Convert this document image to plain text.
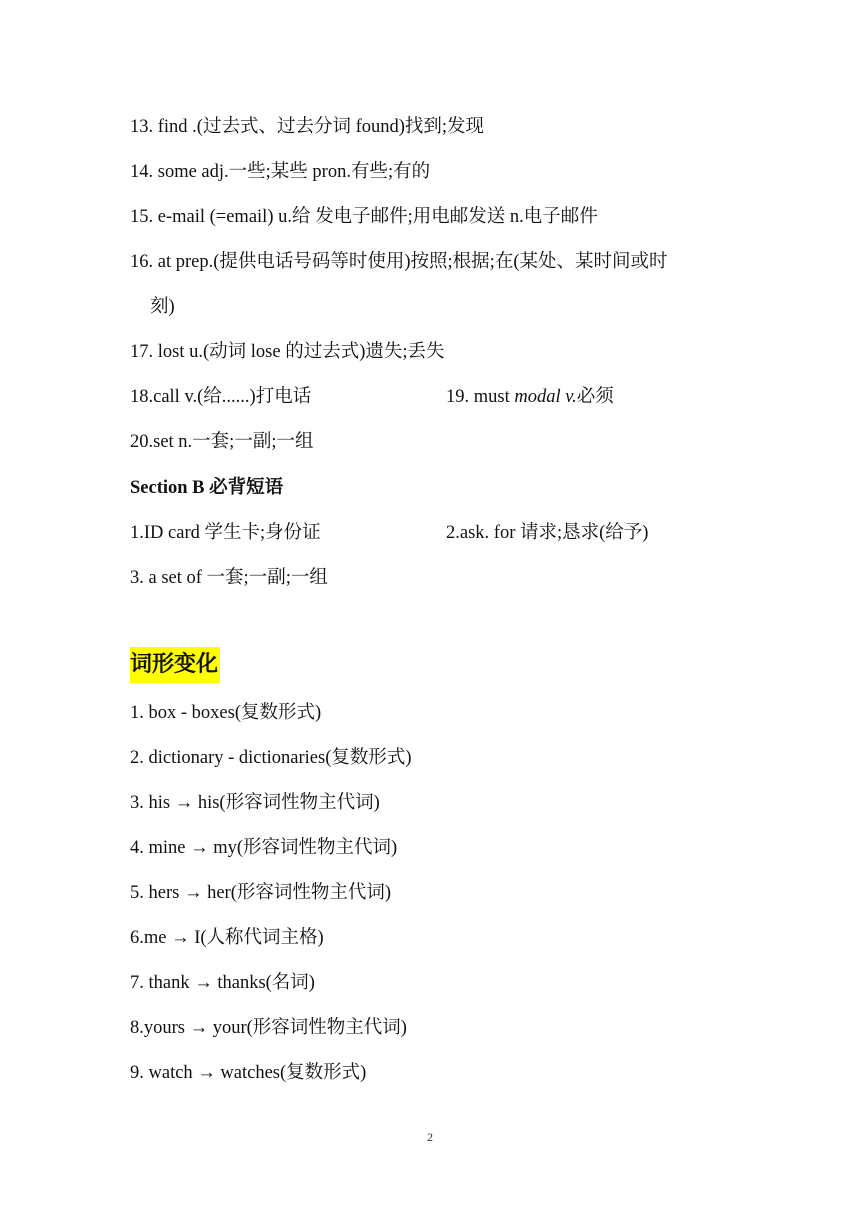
13. find .(过去式、过去分词 found)找到;发现
14. some adj.一些;某些 pron.有些;有的
15. e-mail (=email) u.给 发电子邮件;用电邮发送 n.电子邮件
16. at prep.(提供电话号码等时使用)按照;根据;在(某处、某时间或时
刻)
17. lost u.(动词 lose 的过去式)遗失;丢失
18.call v.(给......)打电话	19. must modal v.必须
20.set n.一套;一副;一组
Section B 必背短语
1.ID card 学生卡;身份证	2.ask. for 请求;恳求(给予)
3. a set of 一套;一副;一组
词形变化
1. box - boxes(复数形式)
2. dictionary - dictionaries(复数形式)
3. his → his(形容词性物主代词)
4. mine → my(形容词性物主代词)
5. hers → her(形容词性物主代词)
6.me → I(人称代词主格)
7. thank → thanks(名词)
8.yours → your(形容词性物主代词)
9. watch → watches(复数形式)
2
